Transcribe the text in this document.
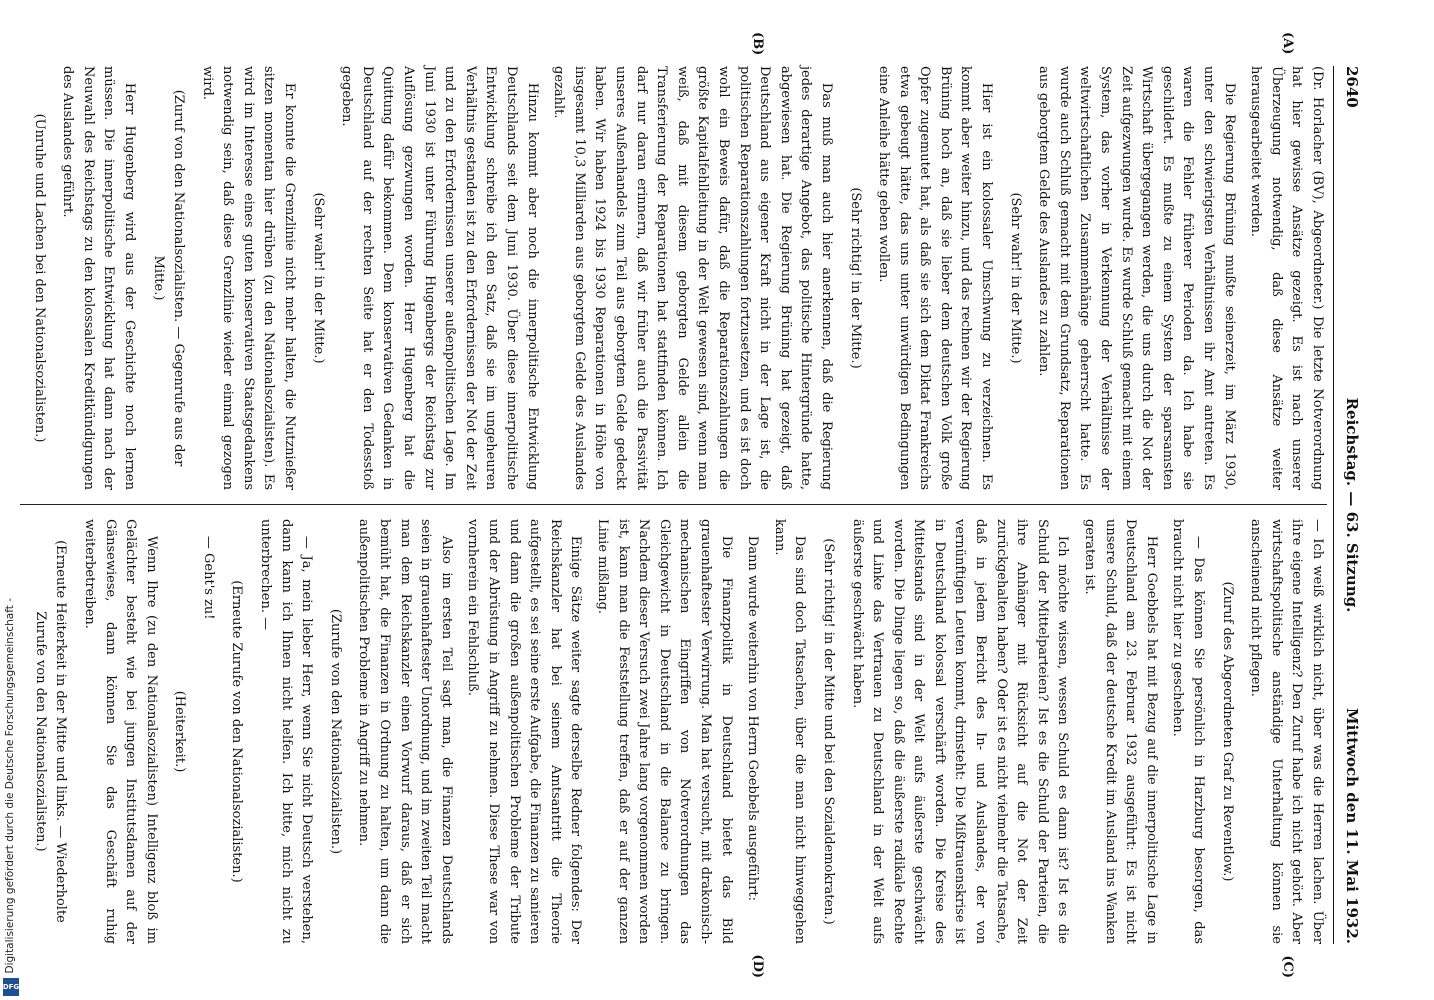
Digitalisierung gefördert durch die Deutsche Forschungsgemeinschaft -
DFG
2640
Reichstag. — 63. Sitzung.
Mittwoch den 11. Mai 1932.
(A)
(B)

(Dr. Horlacher (BV), Abgeordneter.) Die letzte Notverordnung hat hier gewisse Ansätze gezeigt. Es ist nach unserer Überzeugung notwendig, daß diese Ansätze weiter herausgearbeitet werden.

Die Regierung Brüning mußte seinerzeit, im März 1930, unter den schwierigsten Verhältnissen ihr Amt antreten. Es waren die Fehler früherer Perioden da. Ich habe sie geschildert. Es mußte zu einem System der sparsamsten Wirtschaft übergegangen werden, die uns durch die Not der Zeit aufgezwungen wurde. Es wurde Schluß gemacht mit einem System, das vorher in Verkennung der Verhältnisse der weltwirtschaftlichen Zusammenhänge geherrscht hatte. Es wurde auch Schluß gemacht mit dem Grundsatz, Reparationen aus geborgtem Gelde des Auslandes zu zahlen.

(Sehr wahr! in der Mitte.)

Hier ist ein kolossaler Umschwung zu verzeichnen. Es kommt aber weiter hinzu, und das rechnen wir der Regierung Brüning hoch an, daß sie lieber dem deutschen Volk große Opfer zugemutet hat, als daß sie sich dem Diktat Frankreichs etwa gebeugt hätte, das uns unter unwürdigen Bedingungen eine Anleihe hätte geben wollen.

(Sehr richtig! in der Mitte.)

Das muß man auch hier anerkennen, daß die Regierung jedes derartige Angebot, das politische Hintergründe hatte, abgewiesen hat. Die Regierung Brüning hat gezeigt, daß Deutschland aus eigener Kraft nicht in der Lage ist, die politischen Reparationszahlungen fortzusetzen, und es ist doch wohl ein Beweis dafür, daß die Reparationszahlungen die größte Kapitalfehlleitung in der Welt gewesen sind, wenn man weiß, daß mit diesem geborgten Gelde allein die Transferierung der Reparationen hat stattfinden können. Ich darf nur daran erinnern, daß wir früher auch die Passivität unseres Außenhandels zum Teil aus geborgtem Gelde gedeckt haben. Wir haben 1924 bis 1930 Reparationen in Höhe von insgesamt 10,3 Milliarden aus geborgtem Gelde des Auslandes gezahlt.

Hinzu kommt aber noch die innerpolitische Entwicklung Deutschlands seit dem Juni 1930. Über diese innerpolitische Entwicklung schreibe ich den Satz, daß sie im ungeheuren Verhältnis gestanden ist zu den Erfordernissen der Not der Zeit und zu den Erfordernissen unserer außenpolitischen Lage. Im Juni 1930 ist unter Führung Hugenbergs der Reichstag zur Auflösung gezwungen worden. Herr Hugenberg hat die Quittung dafür bekommen. Dem konservativen Gedanken in Deutschland auf der rechten Seite hat er den Todesstoß gegeben.

(Sehr wahr! in der Mitte.)

Er konnte die Grenzlinie nicht mehr halten, die Nutznießer sitzen momentan hier drüben (zu den Nationalsozialisten). Es wird im Interesse eines guten konservativen Staatsgedankens notwendig sein, daß diese Grenzlinie wieder einmal gezogen wird.

(Zuruf von den Nationalsozialisten. — Gegenrufe aus der Mitte.)

Herr Hugenberg wird aus der Geschichte noch lernen müssen. Die innerpolitische Entwicklung hat dann nach der Neuwahl des Reichstags zu den kolossalen Kreditkündigungen des Auslandes geführt.

(Unruhe und Lachen bei den Nationalsozialisten.)

(C)
(D)

— Ich weiß wirklich nicht, über was die Herren lachen. Über ihre eigene Intelligenz? Den Zuruf habe ich nicht gehört. Aber wirtschaftspolitische anständige Unterhaltung können sie anscheinend nicht pflegen.

(Zuruf des Abgeordneten Graf zu Reventlow.)

— Das können Sie persönlich in Harzburg besorgen, das braucht nicht hier zu geschehen.

Herr Goebbels hat mit Bezug auf die innerpolitische Lage in Deutschland am 23. Februar 1932 ausgeführt: Es ist nicht unsere Schuld, daß der deutsche Kredit im Ausland ins Wanken geraten ist.

Ich möchte wissen, wessen Schuld es dann ist? Ist es die Schuld der Mittelparteien? Ist es die Schuld der Parteien, die ihre Anhänger mit Rücksicht auf die Not der Zeit zurückgehalten haben? Oder ist es nicht vielmehr die Tatsache, daß in jedem Bericht des In- und Auslandes, der von vernünftigen Leuten kommt, drinsteht: Die Mißtrauenskrise ist in Deutschland kolossal verschärft worden. Die Kreise des Mittelstands sind in der Welt aufs äußerste geschwächt worden. Die Dinge liegen so, daß die äußerste radikale Rechte und Linke das Vertrauen zu Deutschland in der Welt aufs äußerste geschwächt haben.

(Sehr richtig! in der Mitte und bei den Sozialdemokraten.)

Das sind doch Tatsachen, über die man nicht hinweggehen kann.

Dann wurde weiterhin von Herrn Goebbels ausgeführt:

Die Finanzpolitik in Deutschland bietet das Bild grauenhaftester Verwirrung. Man hat versucht, mit drakonisch-mechanischen Eingriffen von Notverordnungen das Gleichgewicht in Deutschland in die Balance zu bringen. Nachdem dieser Versuch zwei Jahre lang vorgenommen worden ist, kann man die Feststellung treffen, daß er auf der ganzen Linie mißlang.

Einige Sätze weiter sagte derselbe Redner folgendes: Der Reichskanzler hat bei seinem Amtsantritt die Theorie aufgestellt, es sei seine erste Aufgabe, die Finanzen zu sanieren und dann die großen außenpolitischen Probleme der Tribute und der Abrüstung in Angriff zu nehmen. Diese These war von vornherein ein Fehlschluß.

Also im ersten Teil sagt man, die Finanzen Deutschlands seien in grauenhaftester Unordnung, und im zweiten Teil macht man dem Reichskanzler einen Vorwurf daraus, daß er sich bemüht hat, die Finanzen in Ordnung zu halten, um dann die außenpolitischen Probleme in Angriff zu nehmen.

(Zurufe von den Nationalsozialisten.)

— Ja, mein lieber Herr, wenn Sie nicht Deutsch verstehen, dann kann ich Ihnen nicht helfen. Ich bitte, mich nicht zu unterbrechen. —

(Erneute Zurufe von den Nationalsozialisten.)

— Geht's zu!

(Heiterkeit.)

Wenn Ihre (zu den Nationalsozialisten) Intelligenz bloß im Gelächter besteht wie bei jungen Institutsdamen auf der Gänsewiese, dann können Sie das Geschäft ruhig weiterbetreiben.

(Erneute Heiterkeit in der Mitte und links. — Wiederholte Zurufe von den Nationalsozialisten.)
